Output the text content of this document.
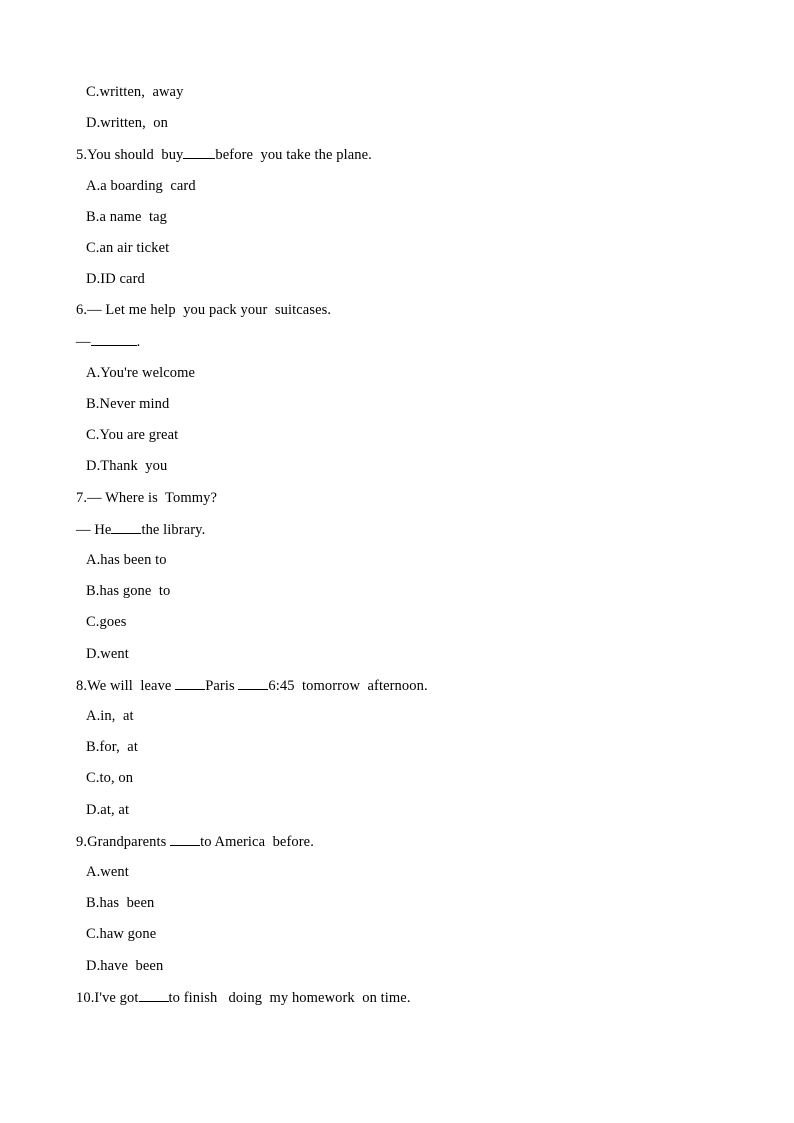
C.written,  away
D.written,  on
5.You should  buy before  you take the plane.
A.a boarding  card
B.a name  tag
C.an air ticket
D.ID card
6.— Let me help  you pack your  suitcases.
—	.
A.You're welcome
B.Never mind
C.You are great
D.Thank  you
7.— Where is  Tommy?
— He the library.
A.has been to
B.has gone  to
C.goes
D.went
8.We will  leave Paris 6:45  tomorrow  afternoon.
A.in,  at
B.for,  at
C.to, on
D.at, at
9.Grandparents to America  before.
A.went
B.has  been
C.haw gone
D.have  been
10.I've got to finish   doing  my homework  on time.
